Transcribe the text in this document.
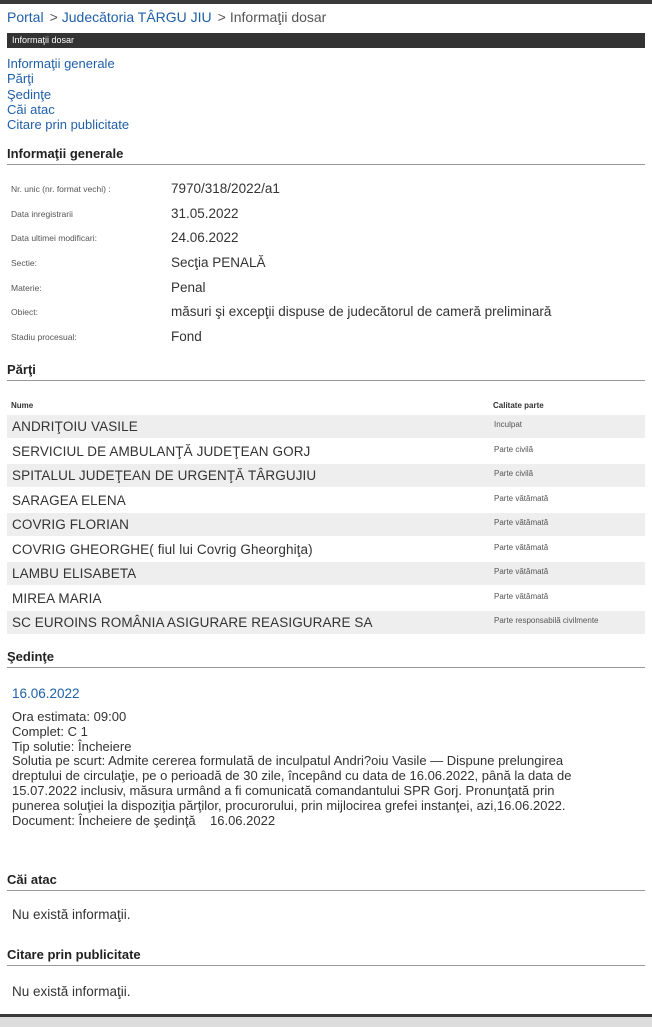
Portal > Judecătoria TÂRGU JIU > Informaţii dosar
Informaţii dosar
Informaţii generale
Părţi
Şedinţe
Căi atac
Citare prin publicitate
Informaţii generale
Nr. unic (nr. format vechi) :	7970/318/2022/a1
Data inregistrarii	31.05.2022
Data ultimei modificari:	24.06.2022
Sectie:	Secţia PENALĂ
Materie:	Penal
Obiect:	măsuri şi excepţii dispuse de judecătorul de cameră preliminară
Stadiu procesual:	Fond
Părţi
Nume	Calitate parte
ANDRIŢOIU VASILE	Inculpat
SERVICIUL DE AMBULANŢĂ JUDEŢEAN GORJ	Parte civilă
SPITALUL JUDEŢEAN DE URGENŢĂ TÂRGUJIU	Parte civilă
SARAGEA ELENA	Parte vătămată
COVRIG FLORIAN	Parte vătămată
COVRIG GHEORGHE( fiul lui Covrig Gheorghiţa)	Parte vătămată
LAMBU ELISABETA	Parte vătămată
MIREA MARIA	Parte vătămată
SC EUROINS ROMÂNIA ASIGURARE REASIGURARE SA	Parte responsabilă civilmente
Şedinţe
16.06.2022
Ora estimata: 09:00
Complet: C 1
Tip solutie: Încheiere
Solutia pe scurt: Admite cererea formulată de inculpatul Andri?oiu Vasile — Dispune prelungirea
dreptului de circulaţie, pe o perioadă de 30 zile, începând cu data de 16.06.2022, până la data de
15.07.2022 inclusiv, măsura urmând a fi comunicată comandantului SPR Gorj. Pronunţată prin
punerea soluţiei la dispoziţia părţilor, procurorului, prin mijlocirea grefei instanţei, azi,16.06.2022.
Document: Încheiere de şedinţă    16.06.2022
Căi atac
Nu există informaţii.
Citare prin publicitate
Nu există informaţii.
